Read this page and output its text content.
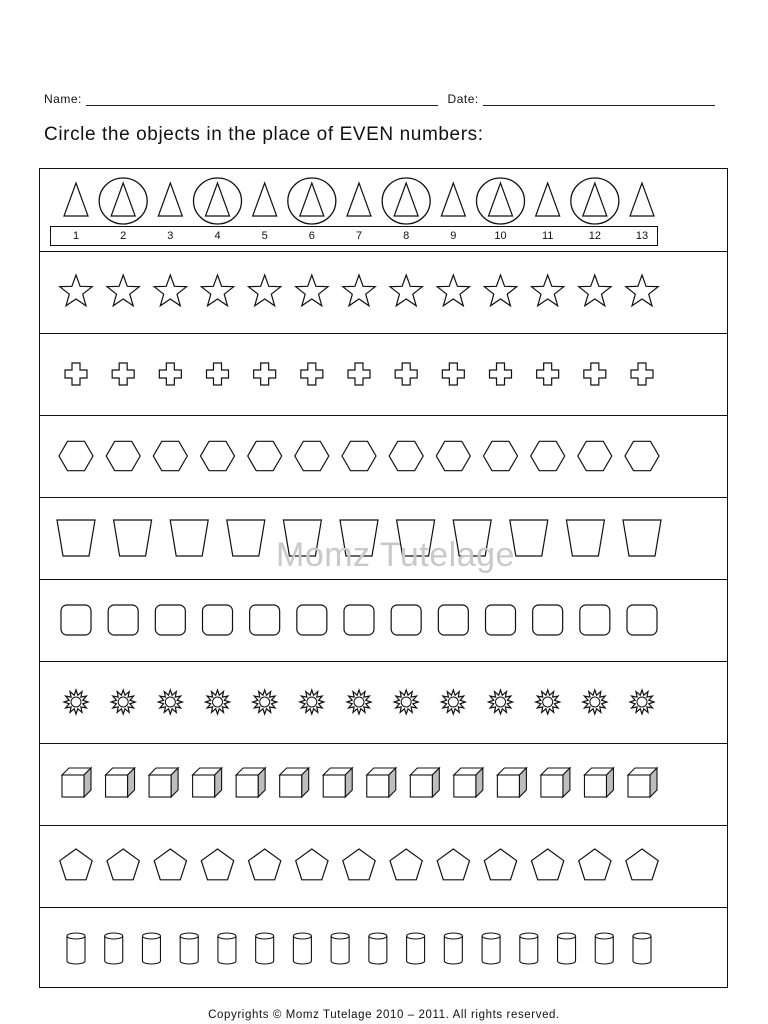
Name:	Date:
Circle the objects in the place of EVEN numbers:
1	2	3	4	5	6	7	8	9	10	11	12	13
Momz Tutelage
Copyrights © Momz Tutelage 2010 – 2011. All rights reserved.
